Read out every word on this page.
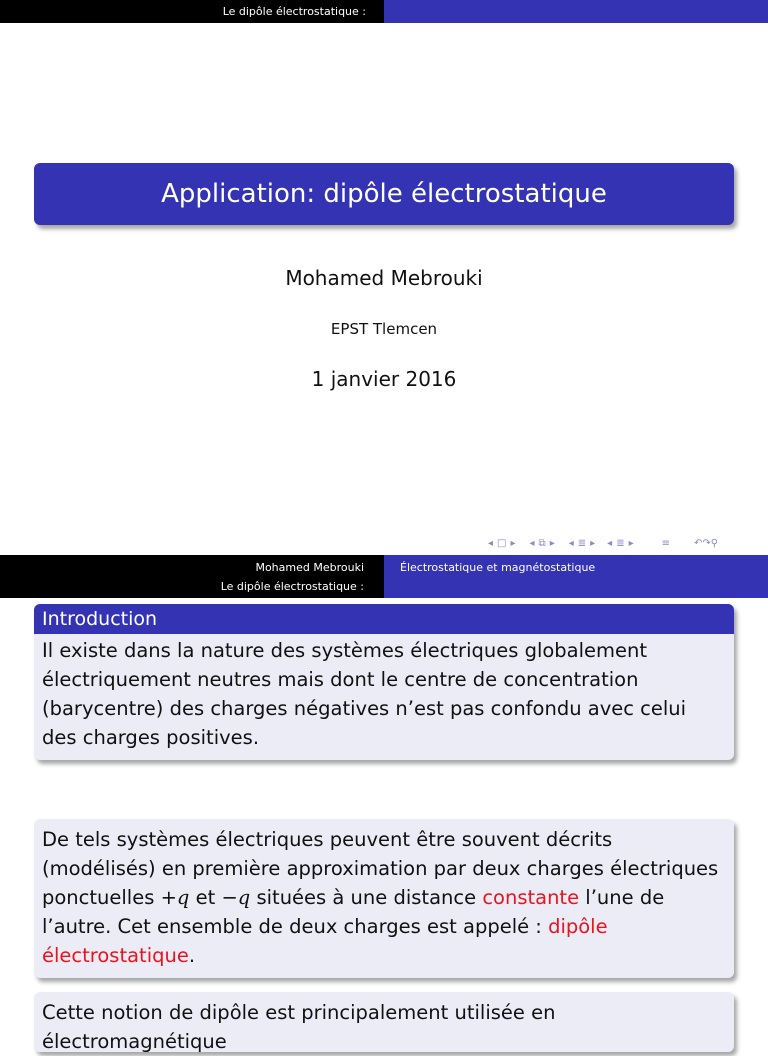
Le dipôle électrostatique :
Application: dipôle électrostatique
Mohamed Mebrouki
EPST Tlemcen
1 janvier 2016
◂ □ ▸ ◂ ⧉ ▸ ◂ ≣ ▸ ◂ ≣ ▸	≡ ↶↷⚲
Mohamed Mebrouki
Le dipôle électrostatique :
Électrostatique et magnétostatique
Introduction
Il existe dans la nature des systèmes électriques globalement électriquement neutres mais dont le centre de concentration (barycentre) des charges négatives n’est pas confondu avec celui des charges positives.
De tels systèmes électriques peuvent être souvent décrits (modélisés) en première approximation par deux charges électriques ponctuelles +q et −q situées à une distance constante l’une de l’autre. Cet ensemble de deux charges est appelé : dipôle électrostatique.
Cette notion de dipôle est principalement utilisée en électromagnétique
